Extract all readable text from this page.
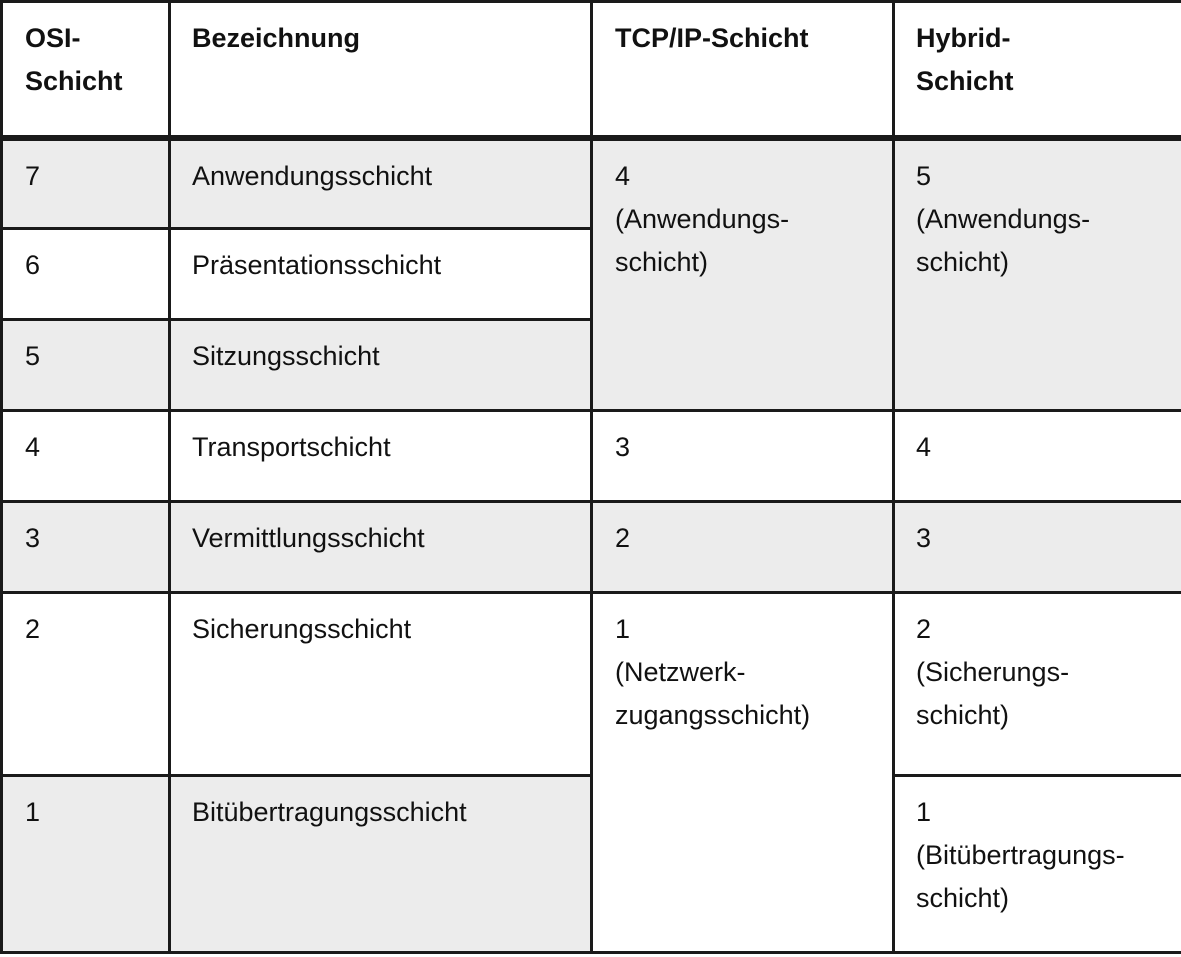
OSI-
Schicht	Bezeichnung	TCP/IP-Schicht	Hybrid-
Schicht
7	Anwendungsschicht	4
(Anwendungs-
schicht)	5
(Anwendungs-
schicht)
6	Präsentationsschicht		
5	Sitzungsschicht		
4	Transportschicht	3	4
3	Vermittlungsschicht	2	3
2	Sicherungsschicht	1
(Netzwerk-
zugangsschicht)	2
(Sicherungs-
schicht)
1	Bitübertragungsschicht		1
(Bitübertragungs-
schicht)
